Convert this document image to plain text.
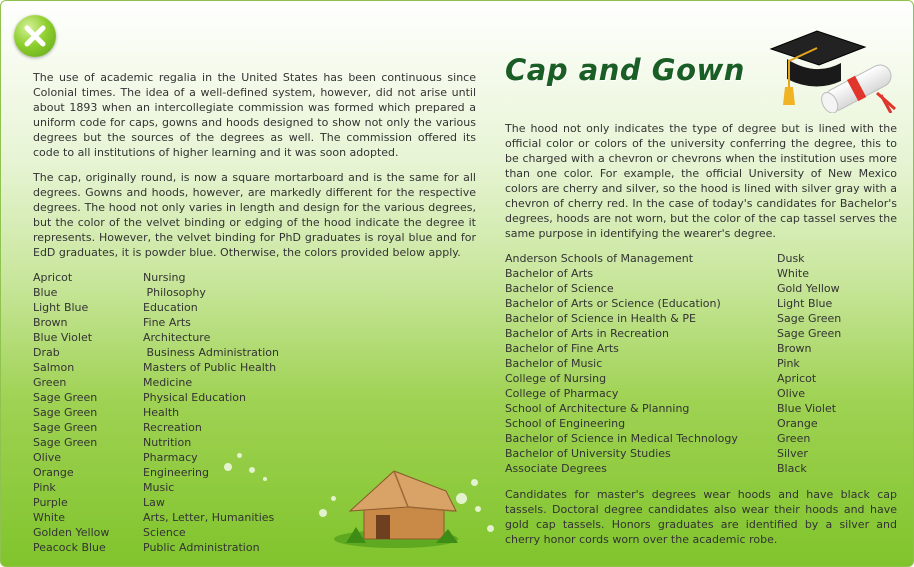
The use of academic regalia in the United States has been continuous since Colonial times. The idea of a well-defined system, however, did not arise until about 1893 when an intercollegiate commission was formed which prepared a uniform code for caps, gowns and hoods designed to show not only the various degrees but the sources of the degrees as well. The commission offered its code to all institutions of higher learning and it was soon adopted.

The cap, originally round, is now a square mortarboard and is the same for all degrees. Gowns and hoods, however, are markedly different for the respective degrees. The hood not only varies in length and design for the various degrees, but the color of the velvet binding or edging of the hood indicate the degree it represents. However, the velvet binding for PhD graduates is royal blue and for EdD graduates, it is powder blue. Otherwise, the colors provided below apply.

Apricot	Nursing
Blue	Philosophy
Light Blue	Education
Brown	Fine Arts
Blue Violet	Architecture
Drab	Business Administration
Salmon	Masters of Public Health
Green	Medicine
Sage Green	Physical Education
Sage Green	Health
Sage Green	Recreation
Sage Green	Nutrition
Olive	Pharmacy
Orange	Engineering
Pink	Music
Purple	Law
White	Arts, Letter, Humanities
Golden Yellow	Science
Peacock Blue	Public Administration
Cap and Gown

The hood not only indicates the type of degree but is lined with the official color or colors of the university conferring the degree, this to be charged with a chevron or chevrons when the institution uses more than one color. For example, the official University of New Mexico colors are cherry and silver, so the hood is lined with silver gray with a chevron of cherry red. In the case of today's candidates for Bachelor's degrees, hoods are not worn, but the color of the cap tassel serves the same purpose in identifying the wearer's degree.

Anderson Schools of Management	Dusk
Bachelor of Arts	White
Bachelor of Science	Gold Yellow
Bachelor of Arts or Science (Education)	Light Blue
Bachelor of Science in Health & PE	Sage Green
Bachelor of Arts in Recreation	Sage Green
Bachelor of Fine Arts	Brown
Bachelor of Music	Pink
College of Nursing	Apricot
College of Pharmacy	Olive
School of Architecture & Planning	Blue Violet
School of Engineering	Orange
Bachelor of Science in Medical Technology	Green
Bachelor of University Studies	Silver
Associate Degrees	Black

Candidates for master's degrees wear hoods and have black cap tassels. Doctoral degree candidates also wear their hoods and have gold cap tassels. Honors graduates are identified by a silver and cherry honor cords worn over the academic robe.
